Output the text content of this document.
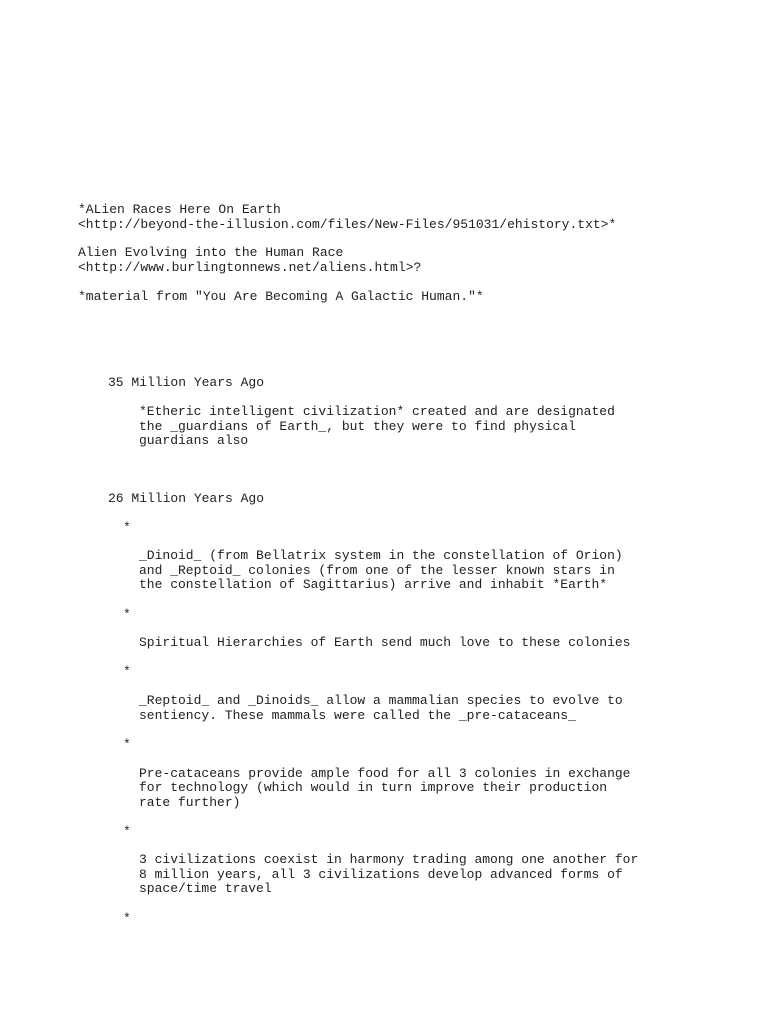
*ALien Races Here On Earth
<http://beyond-the-illusion.com/files/New-Files/951031/ehistory.txt>*
Alien Evolving into the Human Race
<http://www.burlingtonnews.net/aliens.html>?
*material from "You Are Becoming A Galactic Human."*
35 Million Years Ago
*Etheric intelligent civilization* created and are designated
the _guardians of Earth_, but they were to find physical
guardians also
26 Million Years Ago
*
_Dinoid_ (from Bellatrix system in the constellation of Orion)
and _Reptoid_ colonies (from one of the lesser known stars in
the constellation of Sagittarius) arrive and inhabit *Earth*
*
Spiritual Hierarchies of Earth send much love to these colonies
*
_Reptoid_ and _Dinoids_ allow a mammalian species to evolve to
sentiency. These mammals were called the _pre-cataceans_
*
Pre-cataceans provide ample food for all 3 colonies in exchange
for technology (which would in turn improve their production
rate further)
*
3 civilizations coexist in harmony trading among one another for
8 million years, all 3 civilizations develop advanced forms of
space/time travel
*
